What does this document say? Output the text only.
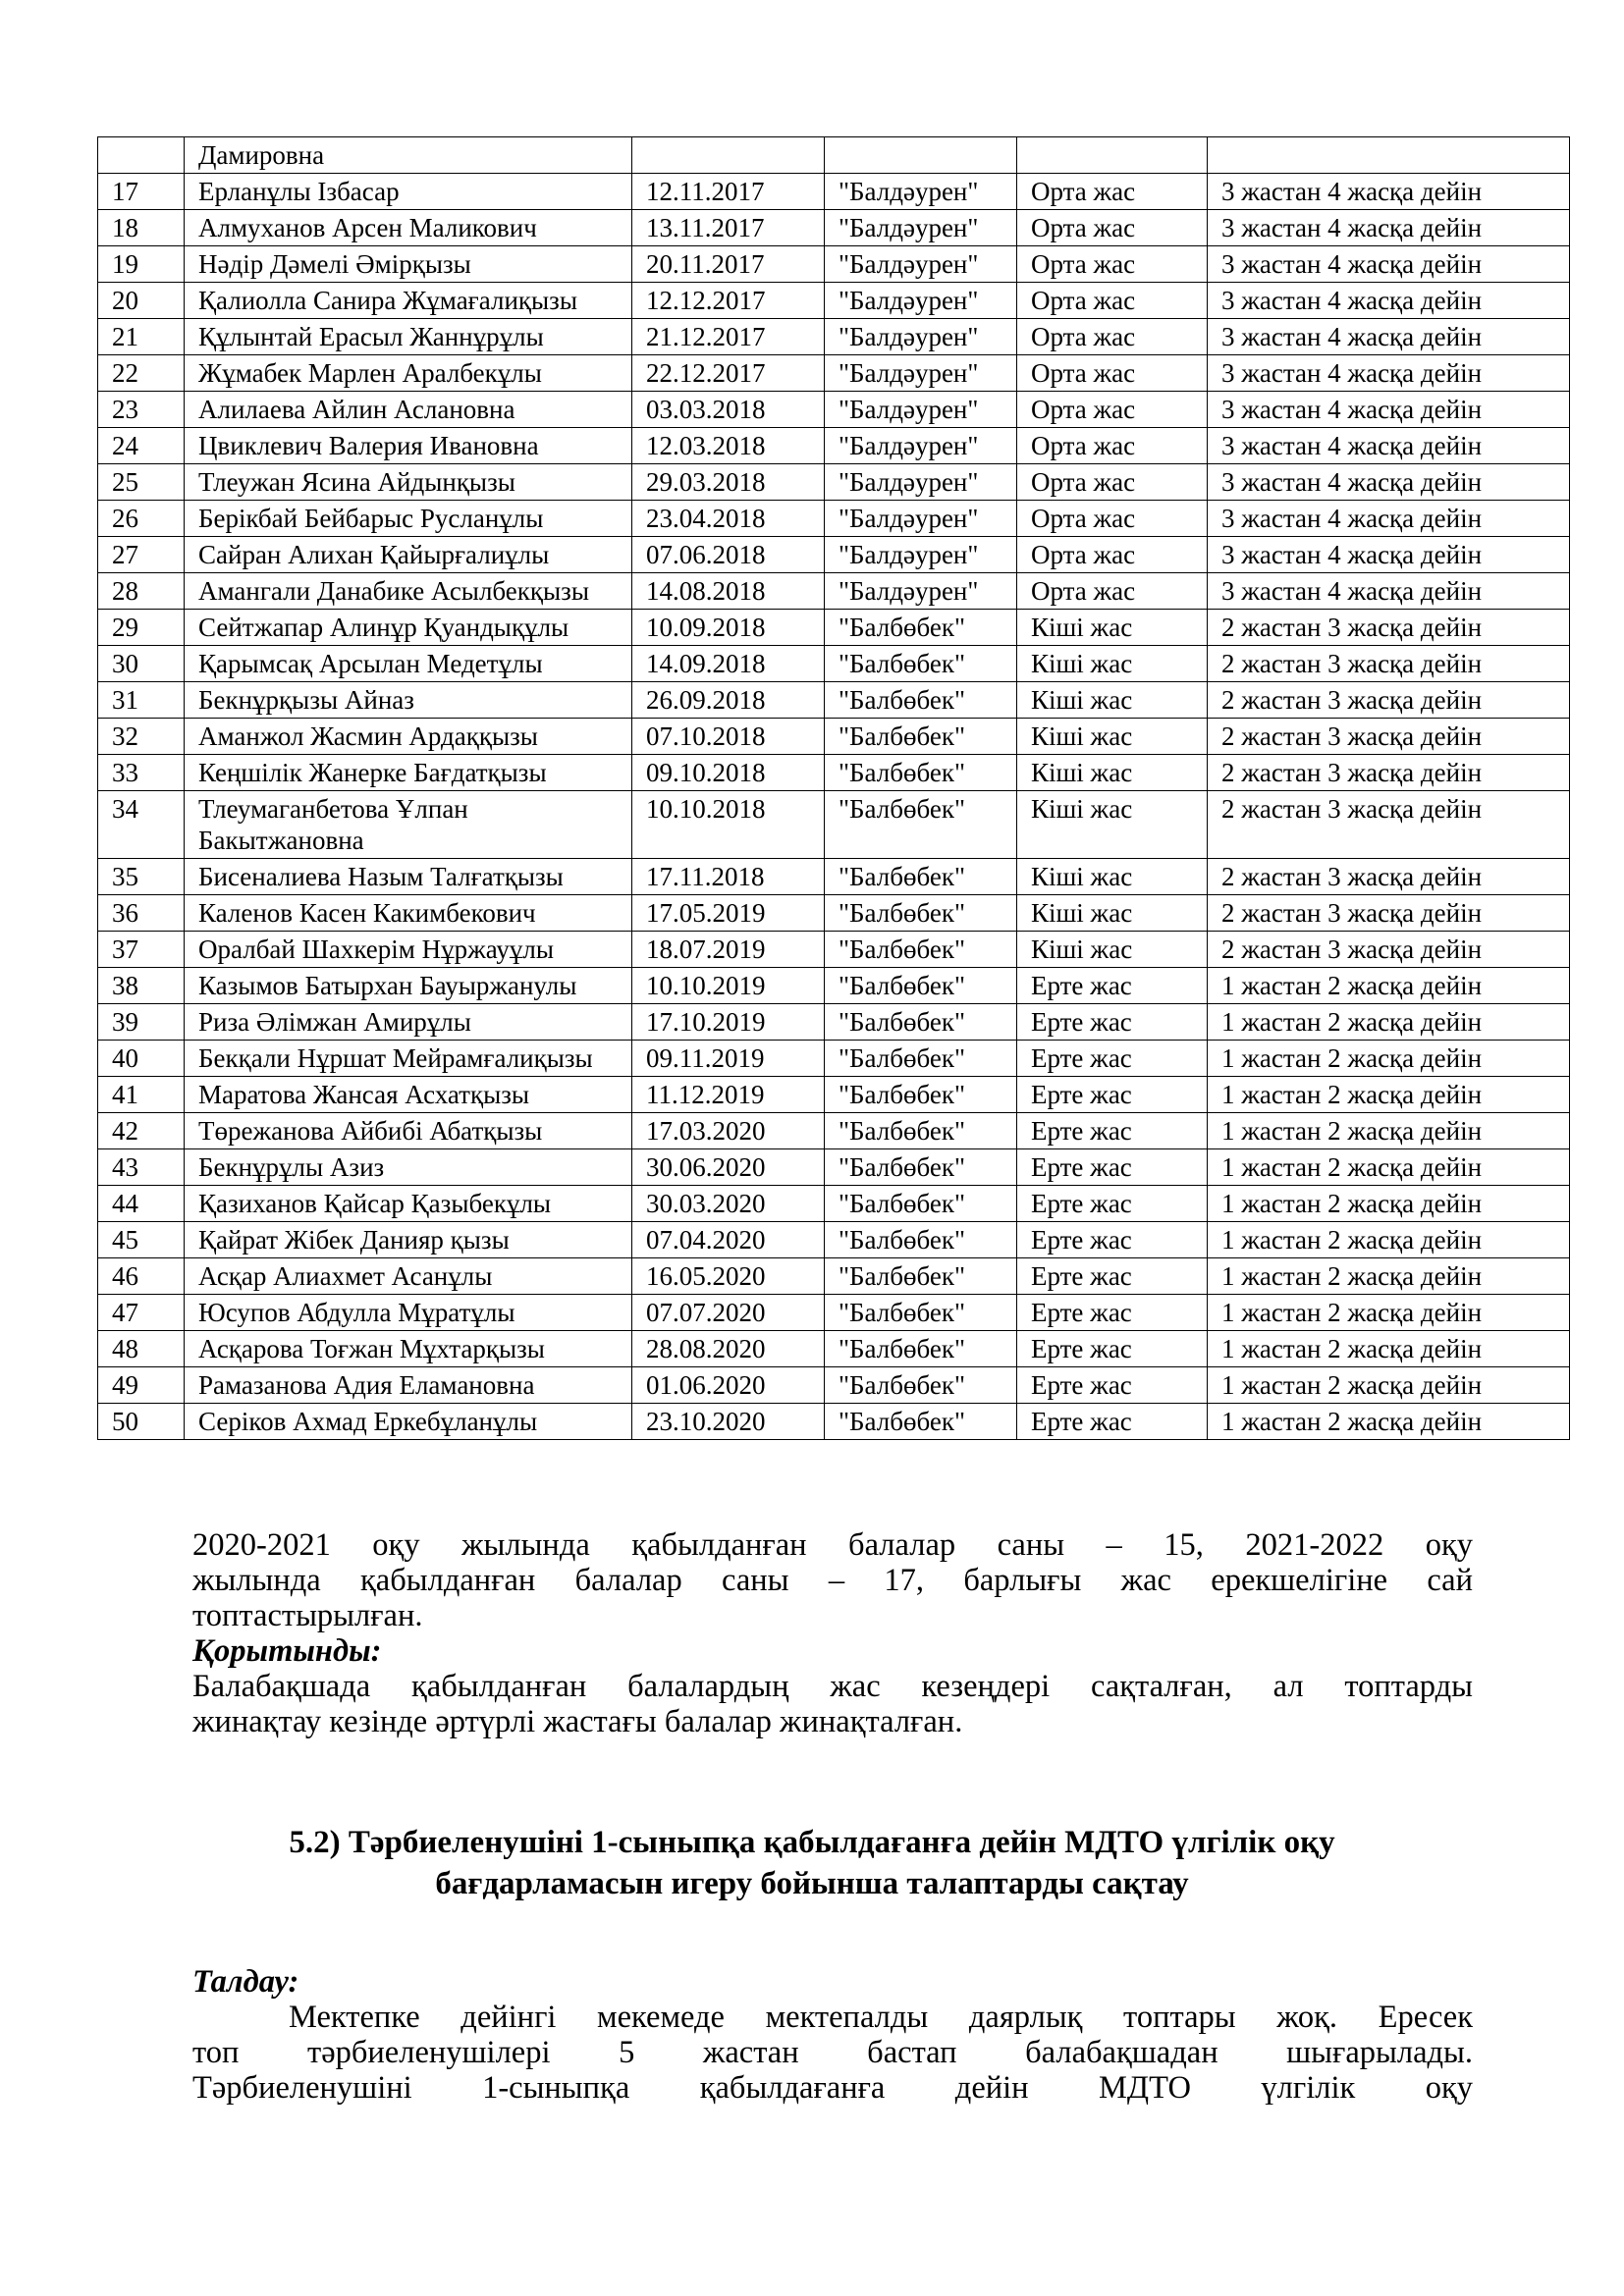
	Дамировна				
17	Ерланұлы Ізбасар	12.11.2017	"Балдәурен"	Орта жас	3 жастан 4 жасқа дейін
18	Алмуханов Арсен Маликович	13.11.2017	"Балдәурен"	Орта жас	3 жастан 4 жасқа дейін
19	Нәдір Дәмелі Әмірқызы	20.11.2017	"Балдәурен"	Орта жас	3 жастан 4 жасқа дейін
20	Қалиолла Санира Жұмағалиқызы	12.12.2017	"Балдәурен"	Орта жас	3 жастан 4 жасқа дейін
21	Құлынтай Ерасыл Жаннұрұлы	21.12.2017	"Балдәурен"	Орта жас	3 жастан 4 жасқа дейін
22	Жұмабек Марлен Аралбекұлы	22.12.2017	"Балдәурен"	Орта жас	3 жастан 4 жасқа дейін
23	Алилаева Айлин Аслановна	03.03.2018	"Балдәурен"	Орта жас	3 жастан 4 жасқа дейін
24	Цвиклевич Валерия Ивановна	12.03.2018	"Балдәурен"	Орта жас	3 жастан 4 жасқа дейін
25	Тлеужан Ясина Айдынқызы	29.03.2018	"Балдәурен"	Орта жас	3 жастан 4 жасқа дейін
26	Берікбай Бейбарыс Русланұлы	23.04.2018	"Балдәурен"	Орта жас	3 жастан 4 жасқа дейін
27	Сайран Алихан Қайырғалиұлы	07.06.2018	"Балдәурен"	Орта жас	3 жастан 4 жасқа дейін
28	Амангали Данабике Асылбекқызы	14.08.2018	"Балдәурен"	Орта жас	3 жастан 4 жасқа дейін
29	Сейтжапар Алинұр Қуандықұлы	10.09.2018	"Балбөбек"	Кіші жас	2 жастан 3 жасқа дейін
30	Қарымсақ Арсылан Медетұлы	14.09.2018	"Балбөбек"	Кіші жас	2 жастан 3 жасқа дейін
31	Бекнұрқызы Айназ	26.09.2018	"Балбөбек"	Кіші жас	2 жастан 3 жасқа дейін
32	Аманжол Жасмин Ардаққызы	07.10.2018	"Балбөбек"	Кіші жас	2 жастан 3 жасқа дейін
33	Кеңшілік Жанерке Бағдатқызы	09.10.2018	"Балбөбек"	Кіші жас	2 жастан 3 жасқа дейін
34	Тлеумаганбетова Ұлпан Бакытжановна	10.10.2018	"Балбөбек"	Кіші жас	2 жастан 3 жасқа дейін
35	Бисеналиева Назым Талғатқызы	17.11.2018	"Балбөбек"	Кіші жас	2 жастан 3 жасқа дейін
36	Каленов Касен Какимбекович	17.05.2019	"Балбөбек"	Кіші жас	2 жастан 3 жасқа дейін
37	Оралбай Шахкерім Нұржауұлы	18.07.2019	"Балбөбек"	Кіші жас	2 жастан 3 жасқа дейін
38	Казымов Батырхан Бауыржанулы	10.10.2019	"Балбөбек"	Ерте жас	1 жастан 2 жасқа дейін
39	Риза Әлімжан Амирұлы	17.10.2019	"Балбөбек"	Ерте жас	1 жастан 2 жасқа дейін
40	Бекқали Нұршат Мейрамғалиқызы	09.11.2019	"Балбөбек"	Ерте жас	1 жастан 2 жасқа дейін
41	Маратова Жансая Асхатқызы	11.12.2019	"Балбөбек"	Ерте жас	1 жастан 2 жасқа дейін
42	Төрежанова Айбибі Абатқызы	17.03.2020	"Балбөбек"	Ерте жас	1 жастан 2 жасқа дейін
43	Бекнұрұлы Азиз	30.06.2020	"Балбөбек"	Ерте жас	1 жастан 2 жасқа дейін
44	Қазиханов Қайсар Қазыбекұлы	30.03.2020	"Балбөбек"	Ерте жас	1 жастан 2 жасқа дейін
45	Қайрат Жібек Данияр қызы	07.04.2020	"Балбөбек"	Ерте жас	1 жастан 2 жасқа дейін
46	Асқар Алиахмет Асанұлы	16.05.2020	"Балбөбек"	Ерте жас	1 жастан 2 жасқа дейін
47	Юсупов Абдулла Мұратұлы	07.07.2020	"Балбөбек"	Ерте жас	1 жастан 2 жасқа дейін
48	Асқарова Тоғжан Мұхтарқызы	28.08.2020	"Балбөбек"	Ерте жас	1 жастан 2 жасқа дейін
49	Рамазанова Адия Еламановна	01.06.2020	"Балбөбек"	Ерте жас	1 жастан 2 жасқа дейін
50	Серіков Ахмад Еркебұланұлы	23.10.2020	"Балбөбек"	Ерте жас	1 жастан 2 жасқа дейін
2020-2021 оқу жылында қабылданған балалар саны – 15, 2021-2022 оқу
жылында қабылданған балалар саны – 17, барлығы жас ерекшелігіне сай
топтастырылған.
Қорытынды:
Балабақшада қабылданған балалардың жас кезеңдері сақталған, ал топтарды
жинақтау кезінде әртүрлі жастағы балалар жинақталған.
5.2) Тәрбиеленушіні 1-сыныпқа қабылдағанға дейін МДТО үлгілік оқу
бағдарламасын игеру бойынша талаптарды сақтау
Талдау:
Мектепке дейінгі мекемеде мектепалды даярлық топтары жоқ. Ересек
топ тәрбиеленушілері 5 жастан бастап балабақшадан шығарылады.
Тәрбиеленушіні 1-сыныпқа қабылдағанға дейін МДТО үлгілік оқу
